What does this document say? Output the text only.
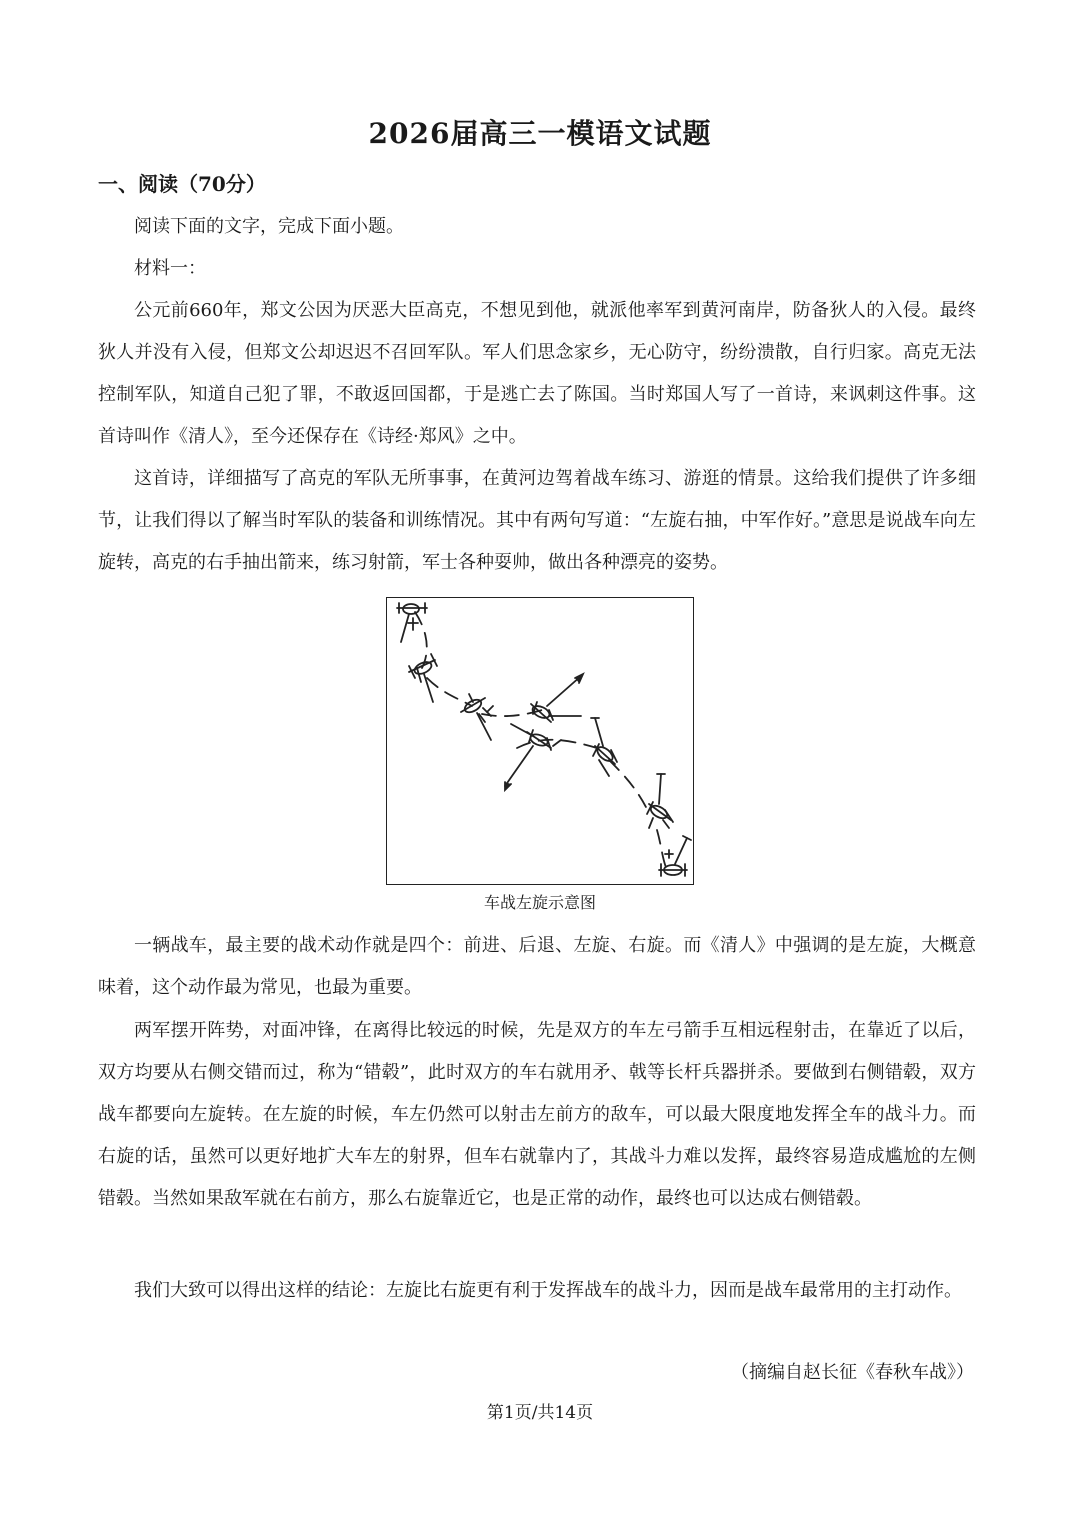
2026届高三一模语文试题
一、阅读（70分）

阅读下面的文字，完成下面小题。

材料一：

公元前660年，郑文公因为厌恶大臣高克，不想见到他，就派他率军到黄河南岸，防备狄人的入侵。最终狄人并没有入侵，但郑文公却迟迟不召回军队。军人们思念家乡，无心防守，纷纷溃散，自行归家。高克无法控制军队，知道自己犯了罪，不敢返回国都，于是逃亡去了陈国。当时郑国人写了一首诗，来讽刺这件事。这首诗叫作《清人》，至今还保存在《诗经·郑风》之中。

这首诗，详细描写了高克的军队无所事事，在黄河边驾着战车练习、游逛的情景。这给我们提供了许多细节，让我们得以了解当时军队的装备和训练情况。其中有两句写道：“左旋右抽，中军作好。”意思是说战车向左旋转，高克的右手抽出箭来，练习射箭，军士各种耍帅，做出各种漂亮的姿势。

车战左旋示意图

一辆战车，最主要的战术动作就是四个：前进、后退、左旋、右旋。而《清人》中强调的是左旋，大概意味着，这个动作最为常见，也最为重要。

两军摆开阵势，对面冲锋，在离得比较远的时候，先是双方的车左弓箭手互相远程射击，在靠近了以后，双方均要从右侧交错而过，称为“错毂”，此时双方的车右就用矛、戟等长杆兵器拼杀。要做到右侧错毂，双方战车都要向左旋转。在左旋的时候，车左仍然可以射击左前方的敌车，可以最大限度地发挥全车的战斗力。而右旋的话，虽然可以更好地扩大车左的射界，但车右就靠内了，其战斗力难以发挥，最终容易造成尴尬的左侧错毂。当然如果敌军就在右前方，那么右旋靠近它，也是正常的动作，最终也可以达成右侧错毂。

我们大致可以得出这样的结论：左旋比右旋更有利于发挥战车的战斗力，因而是战车最常用的主打动作。

（摘编自赵长征《春秋车战》）
第1页/共14页
